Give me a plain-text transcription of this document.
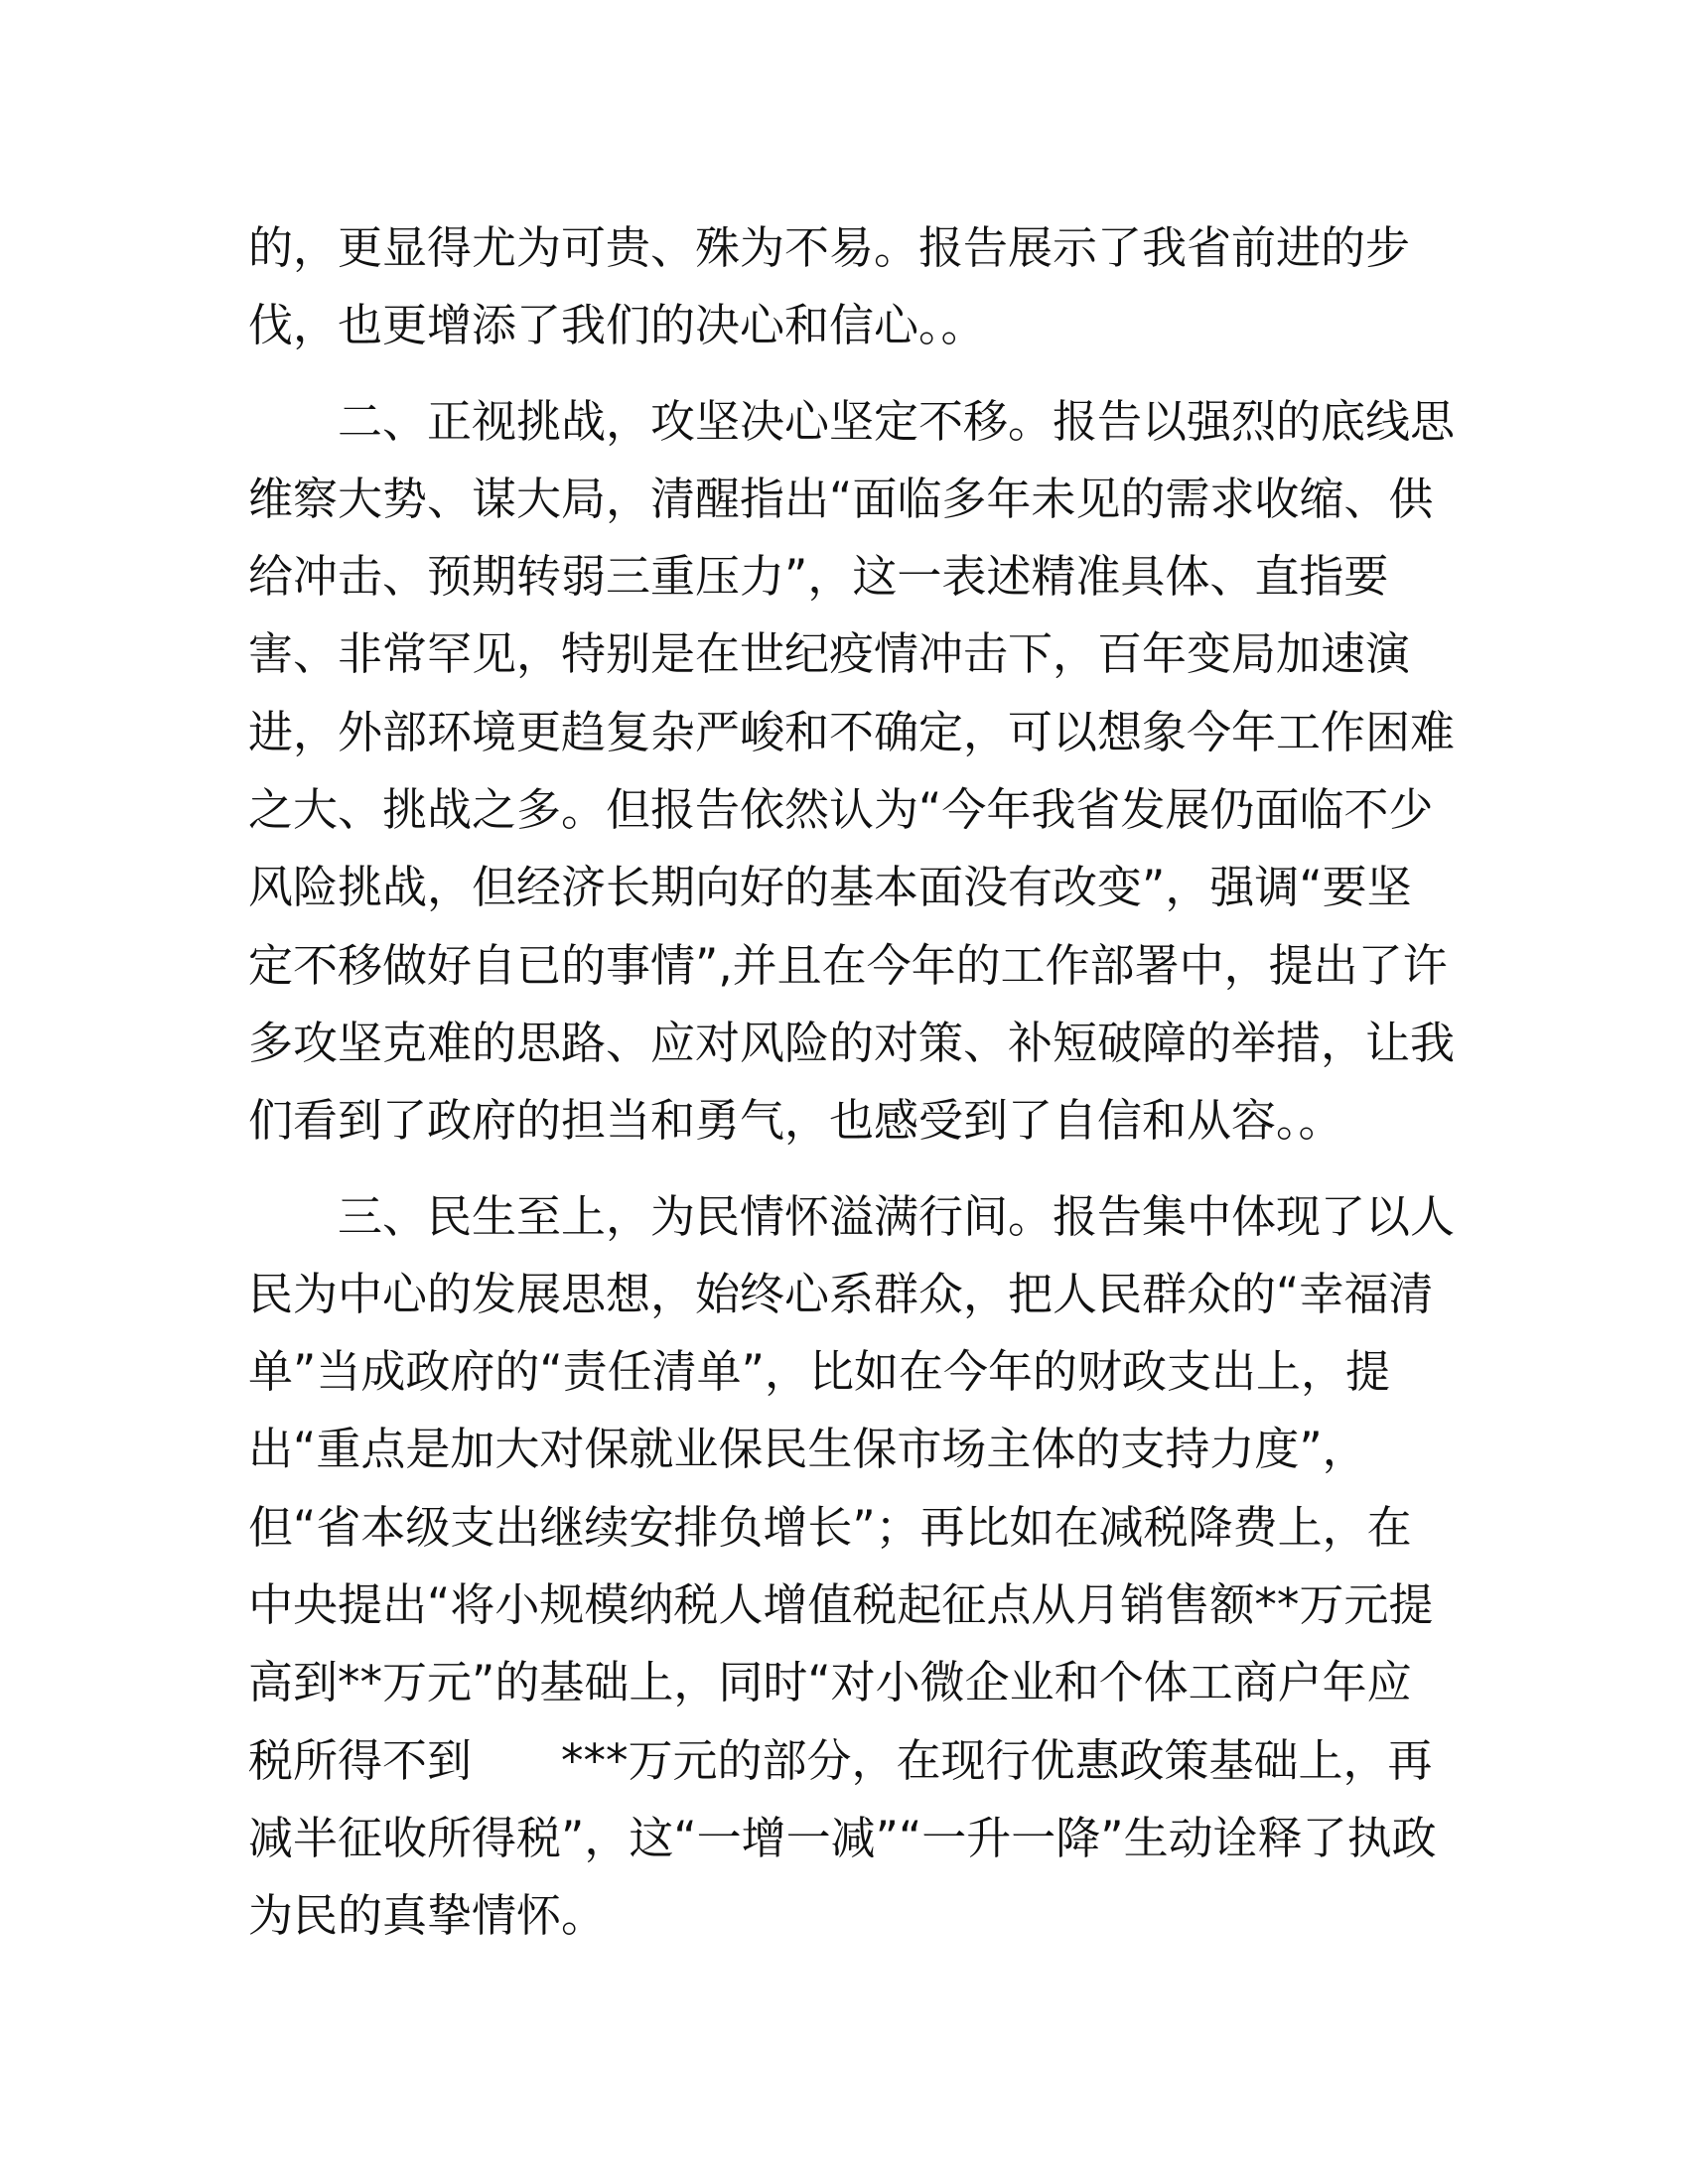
的，更显得尤为可贵、殊为不易。报告展示了我省前进的步
伐，也更增添了我们的决心和信心。。
　　二、正视挑战，攻坚决心坚定不移。报告以强烈的底线思
维察大势、谋大局，清醒指出“面临多年未见的需求收缩、供
给冲击、预期转弱三重压力”，这一表述精准具体、直指要
害、非常罕见，特别是在世纪疫情冲击下，百年变局加速演
进，外部环境更趋复杂严峻和不确定，可以想象今年工作困难
之大、挑战之多。但报告依然认为“今年我省发展仍面临不少
风险挑战，但经济长期向好的基本面没有改变”，强调“要坚
定不移做好自已的事情”,并且在今年的工作部署中，提出了许
多攻坚克难的思路、应对风险的对策、补短破障的举措，让我
们看到了政府的担当和勇气，也感受到了自信和从容。。
　　三、民生至上，为民情怀溢满行间。报告集中体现了以人
民为中心的发展思想，始终心系群众，把人民群众的“幸福清
单”当成政府的“责任清单”，比如在今年的财政支出上，提
出“重点是加大对保就业保民生保市场主体的支持力度”，
但“省本级支出继续安排负增长”；再比如在减税降费上，在
中央提出“将小规模纳税人增值税起征点从月销售额**万元提
高到**万元”的基础上，同时“对小微企业和个体工商户年应
税所得不到　　***万元的部分，在现行优惠政策基础上，再
减半征收所得税”，这“一增一减”“一升一降”生动诠释了执政
为民的真挚情怀。
